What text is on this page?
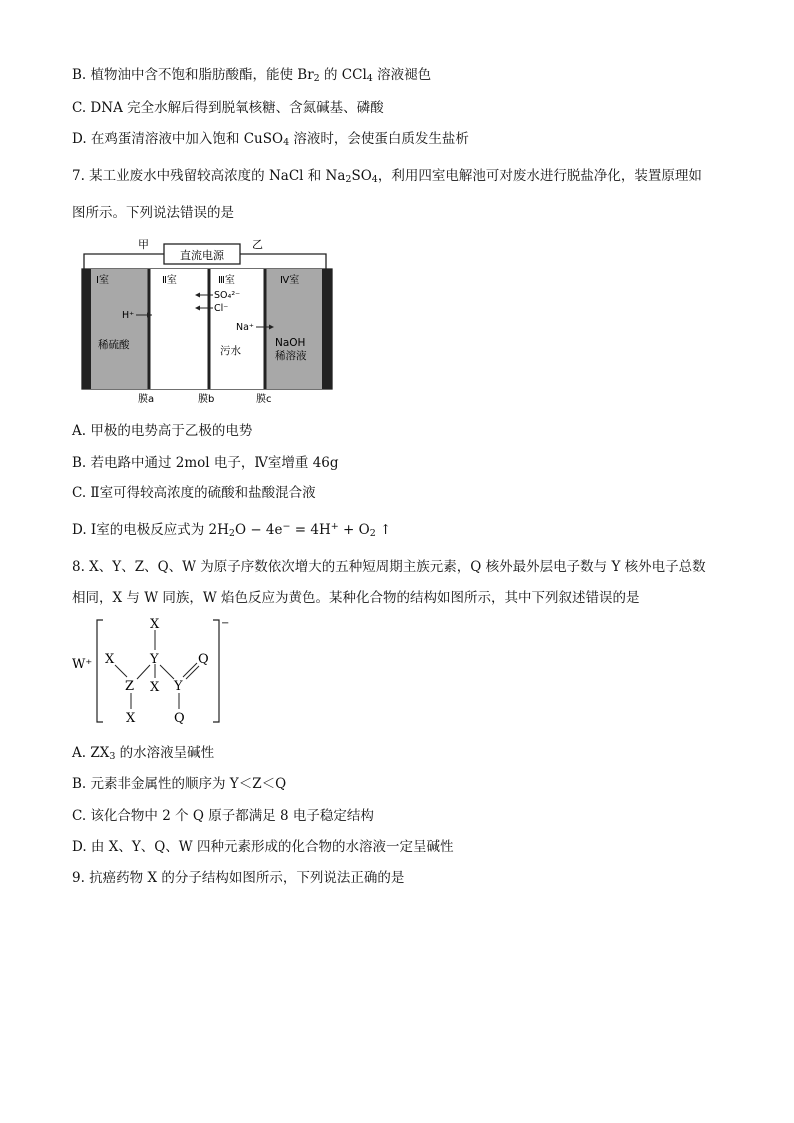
B. 植物油中含不饱和脂肪酸酯，能使 $Br_2$ 的 CCl$_4$ 溶液褪色
C. DNA 完全水解后得到脱氧核糖、含氮碱基、磷酸
D. 在鸡蛋清溶液中加入饱和 CuSO$_4$ 溶液时，会使蛋白质发生盐析
7. 某工业废水中残留较高浓度的 NaCl 和 $Na_2SO_4$，利用四室电解池可对废水进行脱盐净化，装置原理如
图所示。下列说法错误的是
直流电源
甲	乙
Ⅰ室	Ⅱ室	Ⅲ室	Ⅳ室
H⁺
SO₄²⁻
Cl⁻
Na⁺
稀硫酸	污水
NaOH
稀溶液
膜a	膜b	膜c
A. 甲极的电势高于乙极的电势
B. 若电路中通过 2mol 电子，Ⅳ室增重 46g
C. Ⅱ室可得较高浓度的硫酸和盐酸混合液
D. Ⅰ室的电极反应式为 $2H_2O - 4e^- = 4H^+ + O_2$ ↑
8. X、Y、Z、Q、W 为原子序数依次增大的五种短周期主族元素，Q 核外最外层电子数与 Y 核外电子总数
相同，X 与 W 同族，W 焰色反应为黄色。某种化合物的结构如图所示，其中下列叙述错误的是
W⁺
−
X
X	Y	Q
Z X Y
X	Q
A. $ZX_3$ 的水溶液呈碱性
B. 元素非金属性的顺序为 Y＜Z＜Q
C. 该化合物中 2 个 Q 原子都满足 8 电子稳定结构
D. 由 X、Y、Q、W 四种元素形成的化合物的水溶液一定呈碱性
9. 抗癌药物 X 的分子结构如图所示，下列说法正确的是
